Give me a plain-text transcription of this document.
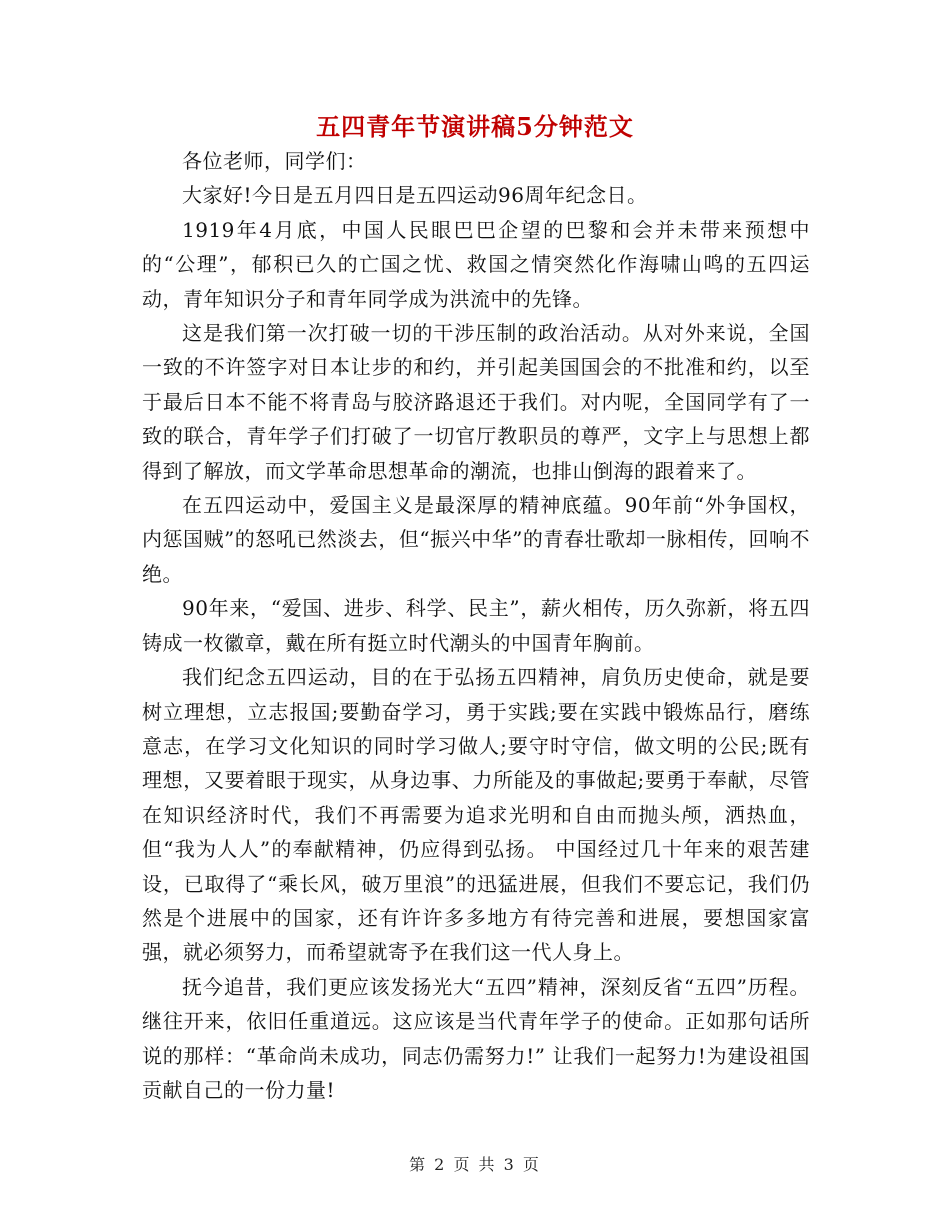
五四青年节演讲稿5分钟范文

各位老师，同学们：

大家好!今日是五月四日是五四运动96周年纪念日。

1919年4月底，中国人民眼巴巴企望的巴黎和会并未带来预想中的“公理”，郁积已久的亡国之忧、救国之情突然化作海啸山鸣的五四运动，青年知识分子和青年同学成为洪流中的先锋。

这是我们第一次打破一切的干涉压制的政治活动。从对外来说，全国一致的不许签字对日本让步的和约，并引起美国国会的不批准和约，以至于最后日本不能不将青岛与胶济路退还于我们。对内呢，全国同学有了一致的联合，青年学子们打破了一切官厅教职员的尊严，文字上与思想上都得到了解放，而文学革命思想革命的潮流，也排山倒海的跟着来了。

在五四运动中，爱国主义是最深厚的精神底蕴。90年前“外争国权，内惩国贼”的怒吼已然淡去，但“振兴中华”的青春壮歌却一脉相传，回响不绝。

90年来，“爱国、进步、科学、民主”，薪火相传，历久弥新，将五四铸成一枚徽章，戴在所有挺立时代潮头的中国青年胸前。

我们纪念五四运动，目的在于弘扬五四精神，肩负历史使命，就是要树立理想，立志报国;要勤奋学习，勇于实践;要在实践中锻炼品行，磨练意志，在学习文化知识的同时学习做人;要守时守信，做文明的公民;既有理想，又要着眼于现实，从身边事、力所能及的事做起;要勇于奉献，尽管在知识经济时代，我们不再需要为追求光明和自由而抛头颅，洒热血，但“我为人人”的奉献精神，仍应得到弘扬。 中国经过几十年来的艰苦建设，已取得了“乘长风，破万里浪”的迅猛进展，但我们不要忘记，我们仍然是个进展中的国家，还有许许多多地方有待完善和进展，要想国家富强，就必须努力，而希望就寄予在我们这一代人身上。

抚今追昔，我们更应该发扬光大“五四”精神，深刻反省“五四”历程。继往开来，依旧任重道远。这应该是当代青年学子的使命。正如那句话所说的那样：“革命尚未成功，同志仍需努力!” 让我们一起努力!为建设祖国贡献自己的一份力量!

第 2 页 共 3 页
